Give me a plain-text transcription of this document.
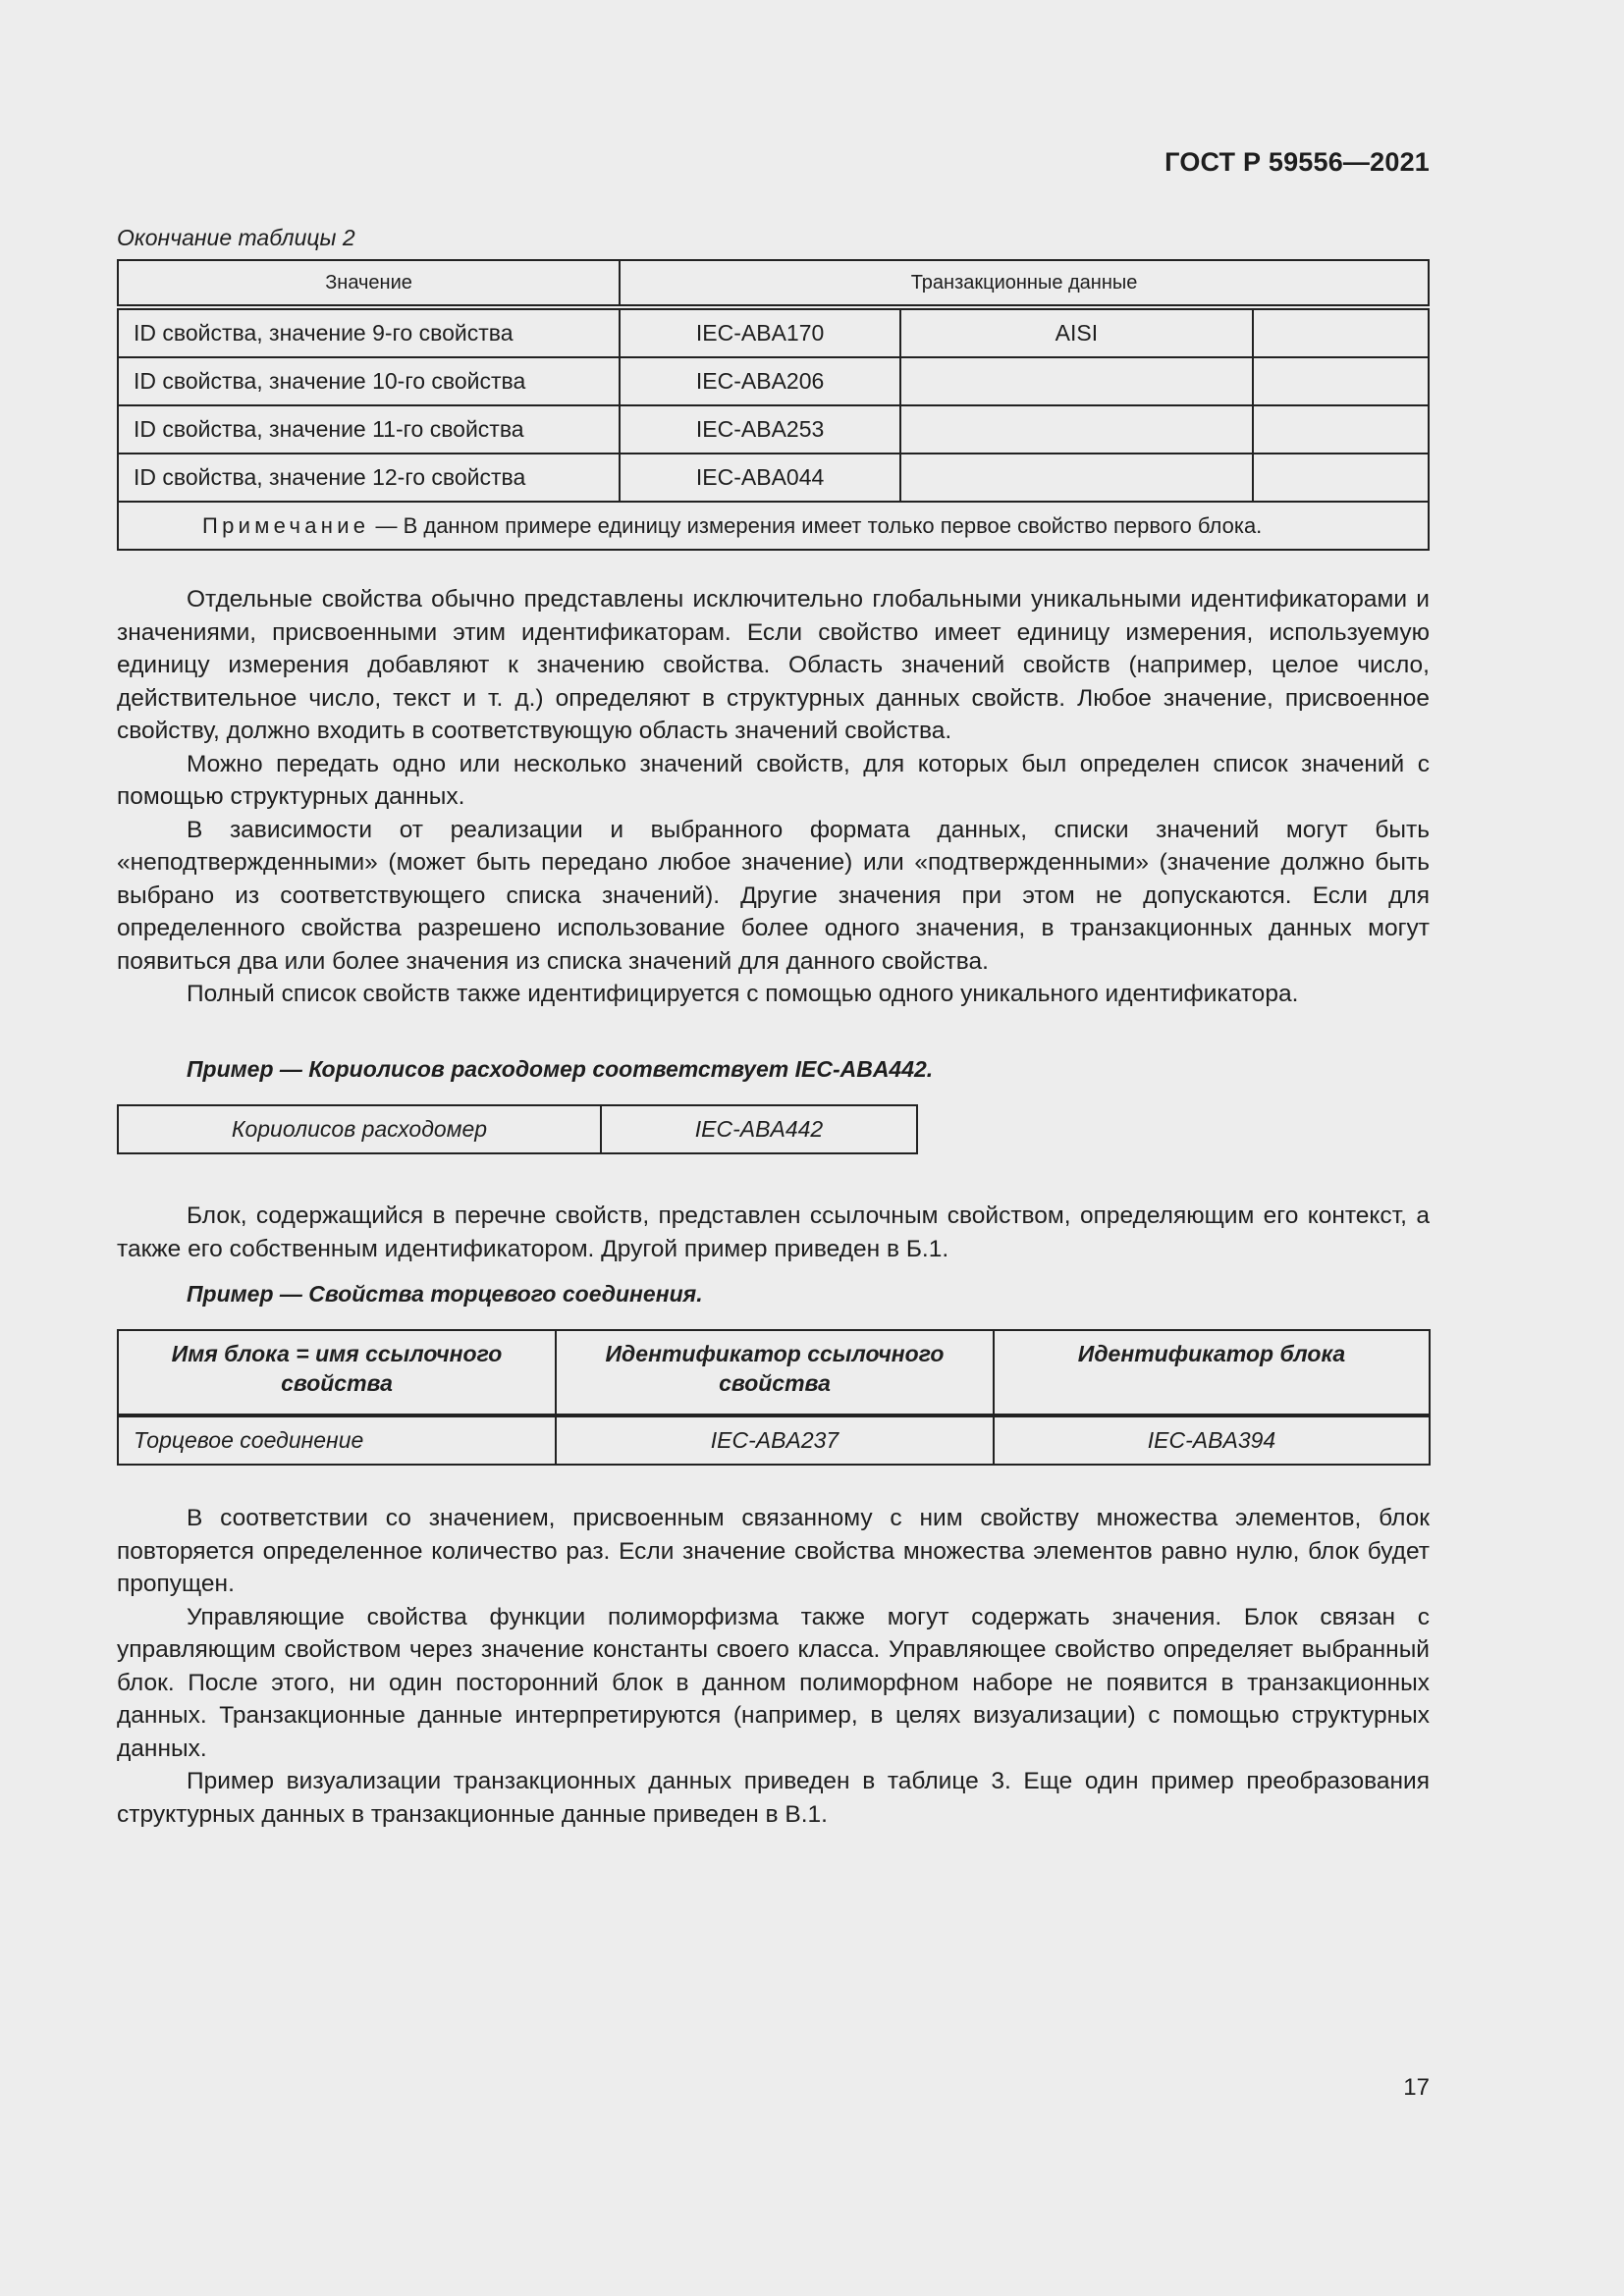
ГОСТ Р 59556—2021
Окончание таблицы 2
Значение	Транзакционные данные		
ID свойства, значение 9-го свойства	IEC-ABA170	AISI	
ID свойства, значение 10-го свойства	IEC-ABA206		
ID свойства, значение 11-го свойства	IEC-ABA253		
ID свойства, значение 12-го свойства	IEC-ABA044		
Примечание — В данном примере единицу измерения имеет только первое свойство первого блока.			

Отдельные свойства обычно представлены исключительно глобальными уникальными идентификаторами и значениями, присвоенными этим идентификаторам. Если свойство имеет единицу измерения, используемую единицу измерения добавляют к значению свойства. Область значений свойств (например, целое число, действительное число, текст и т. д.) определяют в структурных данных свойств. Любое значение, присвоенное свойству, должно входить в соответствующую область значений свойства.

Можно передать одно или несколько значений свойств, для которых был определен список значений с помощью структурных данных.

В зависимости от реализации и выбранного формата данных, списки значений могут быть «неподтвержденными» (может быть передано любое значение) или «подтвержденными» (значение должно быть выбрано из соответствующего списка значений). Другие значения при этом не допускаются. Если для определенного свойства разрешено использование более одного значения, в транзакционных данных могут появиться два или более значения из списка значений для данного свойства.

Полный список свойств также идентифицируется с помощью одного уникального идентификатора.

Пример — Кориолисов расходомер соответствует IEC-ABA442.
Кориолисов расходомер	IEC-ABA442

Блок, содержащийся в перечне свойств, представлен ссылочным свойством, определяющим его контекст, а также его собственным идентификатором. Другой пример приведен в Б.1.

Пример — Свойства торцевого соединения.
Имя блока = имя ссылочного свойства	Идентификатор ссылочного свойства	Идентификатор блока
Торцевое соединение	IEC-ABA237	IEC-ABA394

В соответствии со значением, присвоенным связанному с ним свойству множества элементов, блок повторяется определенное количество раз. Если значение свойства множества элементов равно нулю, блок будет пропущен.

Управляющие свойства функции полиморфизма также могут содержать значения. Блок связан с управляющим свойством через значение константы своего класса. Управляющее свойство определяет выбранный блок. После этого, ни один посторонний блок в данном полиморфном наборе не появится в транзакционных данных. Транзакционные данные интерпретируются (например, в целях визуализации) с помощью структурных данных.

Пример визуализации транзакционных данных приведен в таблице 3. Еще один пример преобразования структурных данных в транзакционные данные приведен в В.1.

17
